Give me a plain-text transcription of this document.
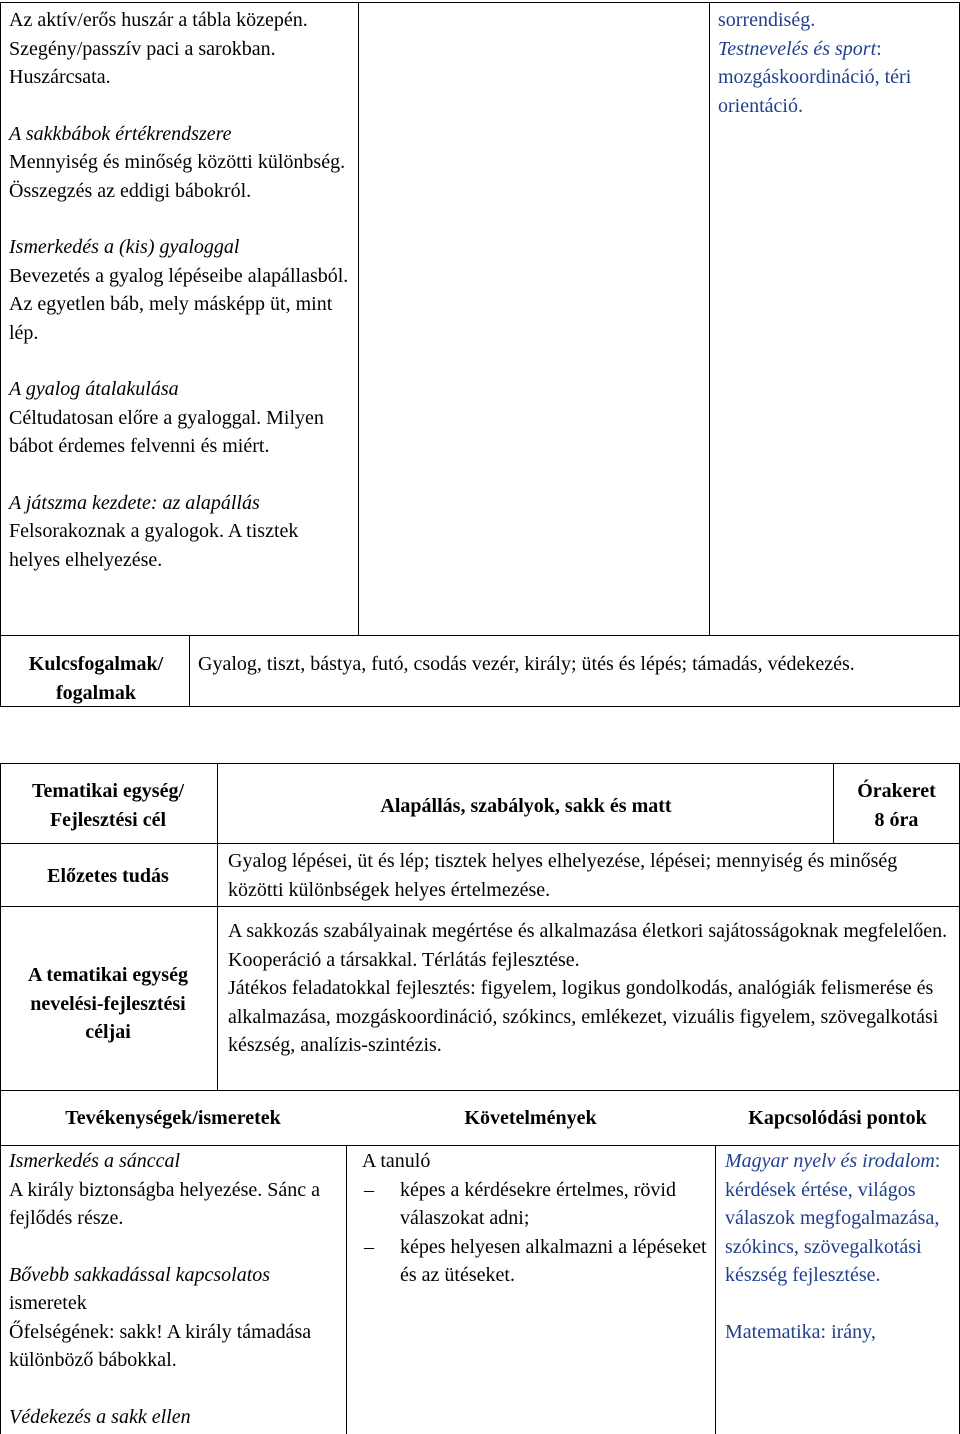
Az aktív/erős huszár a tábla közepén. Szegény/passzív paci a sarokban. Huszárcsata.

A sakkbábok értékrendszere

Mennyiség és minőség közötti különbség. Összegzés az eddigi bábokról.

Ismerkedés a (kis) gyaloggal

Bevezetés a gyalog lépéseibe alapállasból. Az egyetlen báb, mely másképp üt, mint lép.

A gyalog átalakulása

Céltudatosan előre a gyaloggal. Milyen bábot érdemes felvenni és miért.

A játszma kezdete: az alapállás

Felsorakoznak a gyalogok. A tisztek helyes elhelyezése.

sorrendiség.

Testnevelés és sport:

mozgáskoordináció, téri orientáció.

Kulcsfogalmak/ fogalmak
Gyalog, tiszt, bástya, futó, csodás vezér, király; ütés és lépés; támadás, védekezés.
Tematikai egység/ Fejlesztési cél
Alapállás, szabályok, sakk és matt

Órakeret

8 óra

Előzetes tudás
Gyalog lépései, üt és lép; tisztek helyes elhelyezése, lépései; mennyiség és minőség közötti különbségek helyes értelmezése.
A tematikai egység nevelési-fejlesztési céljai

A sakkozás szabályainak megértése és alkalmazása életkori sajátosságoknak megfelelően. Kooperáció a társakkal. Térlátás fejlesztése.

Játékos feladatokkal fejlesztés: figyelem, logikus gondolkodás, analógiák felismerése és alkalmazása, mozgáskoordináció, szókincs, emlékezet, vizuális figyelem, szövegalkotási készség, analízis-szintézis.

Tevékenységek/ismeretek	Követelmények	Kapcsolódási pontok

Ismerkedés a sánccal

A király biztonságba helyezése. Sánc a fejlődés része.

Bővebb sakkadással kapcsolatos

ismeretek

Őfelségének: sakk! A király támadása különböző bábokkal.

Védekezés a sakk ellen

A tanuló

– képes a kérdésekre értelmes, rövid válaszokat adni;
– képes helyesen alkalmazni a lépéseket és az ütéseket.

Magyar nyelv és irodalom: kérdések értése, világos válaszok megfogalmazása, szókincs, szövegalkotási készség fejlesztése.

Matematika: irány,
